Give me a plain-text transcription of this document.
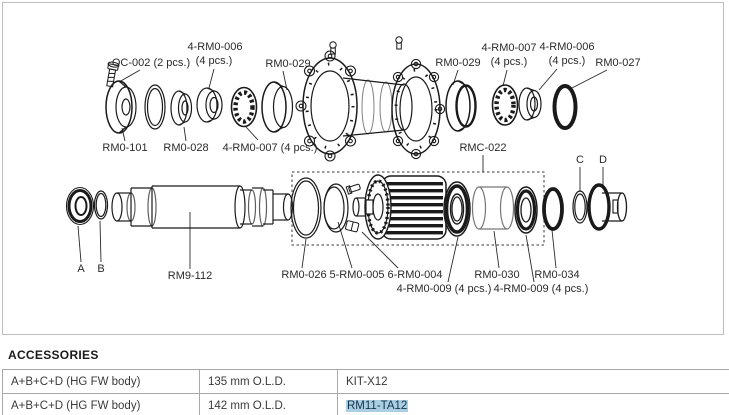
OC-002 (2 pcs.)
4-RM0-006
(4 pcs.)	RM0-029	RM0-029
4-RM0-007
(4 pcs.)
4-RM0-006
(4 pcs.) RM0-027
RM0-101 RM0-028 4-RM0-007 (4 pcs.)	RMC-022
A B
RM9-112
C D
RM0-026 5-RM0-005 6-RM0-004
4-RM0-009 (4 pcs.)
RM0-030
4-RM0-009 (4 pcs.)
RM0-034
ACCESSORIES
A+B+C+D (HG FW body)	135 mm O.L.D.	KIT-X12
A+B+C+D (HG FW body)	142 mm O.L.D.	RM11-TA12
